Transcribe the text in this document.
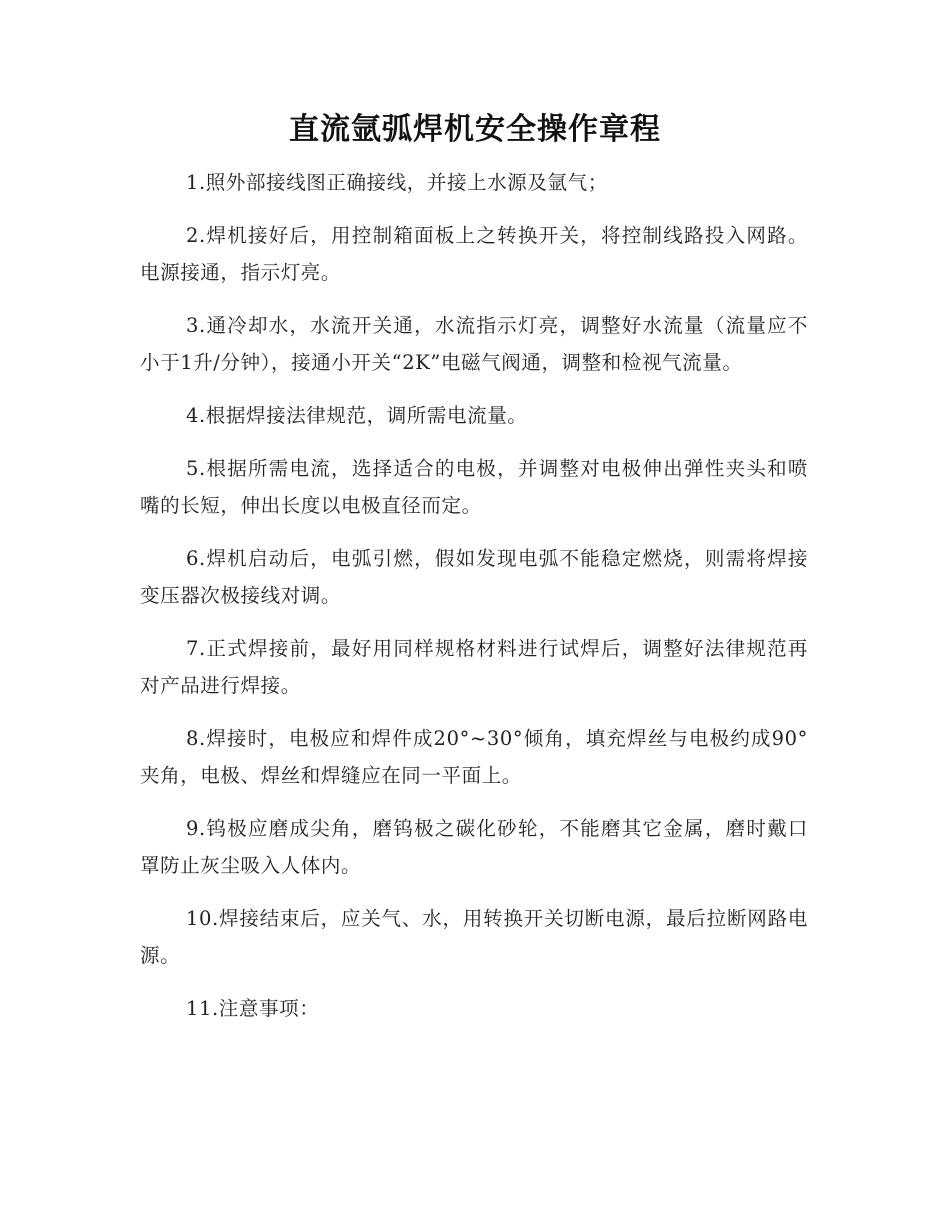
直流氩弧焊机安全操作章程

1.照外部接线图正确接线，并接上水源及氩气；

2.焊机接好后，用控制箱面板上之转换开关，将控制线路投入网路。电源接通，指示灯亮。

3.通冷却水，水流开关通，水流指示灯亮，调整好水流量（流量应不小于1升/分钟），接通小开关“2K”电磁气阀通，调整和检视气流量。

4.根据焊接法律规范，调所需电流量。

5.根据所需电流，选择适合的电极，并调整对电极伸出弹性夹头和喷嘴的长短，伸出长度以电极直径而定。

6.焊机启动后，电弧引燃，假如发现电弧不能稳定燃烧，则需将焊接变压器次极接线对调。

7.正式焊接前，最好用同样规格材料进行试焊后，调整好法律规范再对产品进行焊接。

8.焊接时，电极应和焊件成20°~30°倾角，填充焊丝与电极约成90°夹角，电极、焊丝和焊缝应在同一平面上。

9.钨极应磨成尖角，磨钨极之碳化砂轮，不能磨其它金属，磨时戴口罩防止灰尘吸入人体内。

10.焊接结束后，应关气、水，用转换开关切断电源，最后拉断网路电源。

11.注意事项：
